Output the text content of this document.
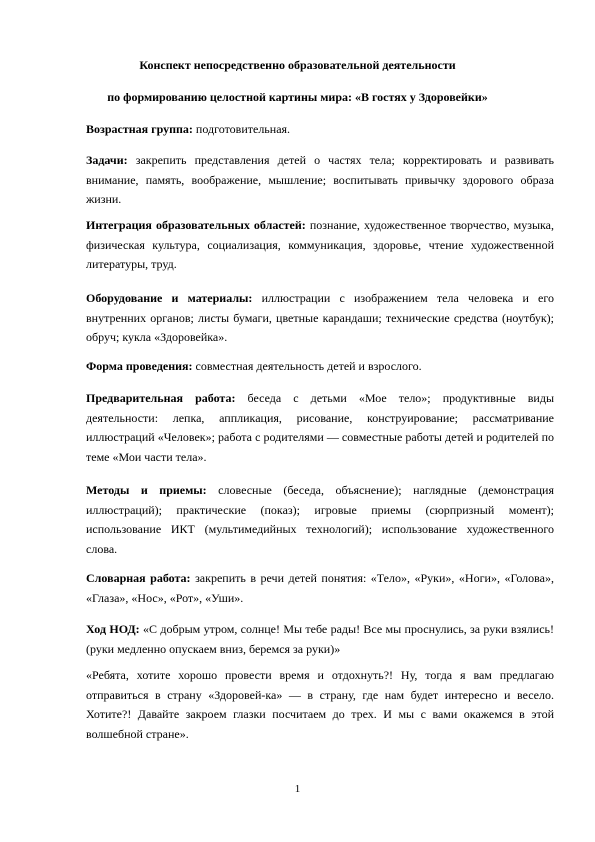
Конспект непосредственно образовательной деятельности
по формированию целостной картины мира: «В гостях у Здоровейки»
Возрастная группа: подготовительная.
Задачи: закрепить представления детей о частях тела; корректировать и развивать внимание, память, воображение, мышление; воспитывать привычку здорового образа жизни.
Интеграция образовательных областей: познание, художественное творчество, музыка, физическая культура, социализация, коммуникация, здоровье, чтение художественной литературы, труд.
Оборудование и материалы: иллюстрации с изображением тела человека и его внутренних органов; листы бумаги, цветные карандаши; технические средства (ноутбук); обруч; кукла «Здоровейка».
Форма проведения: совместная деятельность детей и взрослого.
Предварительная работа: беседа с детьми «Мое тело»; продуктивные виды деятельности: лепка, аппликация, рисование, конструирование; рассматривание иллюстраций «Человек»; работа с родителями — совместные работы детей и родителей по теме «Мои части тела».
Методы и приемы: словесные (беседа, объяснение); наглядные (демонстрация иллюстраций); практические (показ); игровые приемы (сюрпризный момент); использование ИКТ (мультимедийных технологий); использование художественного слова.
Словарная работа: закрепить в речи детей понятия: «Тело», «Руки», «Ноги», «Голова», «Глаза», «Нос», «Рот», «Уши».
Ход НОД: «С добрым утром, солнце! Мы тебе рады! Все мы проснулись, за руки взялись! (руки медленно опускаем вниз, беремся за руки)»
«Ребята, хотите хорошо провести время и отдохнуть?! Ну, тогда я вам предлагаю отправиться в страну «Здоровей-ка» — в страну, где нам будет интересно и весело. Хотите?! Давайте закроем глазки посчитаем до трех. И мы с вами окажемся в этой волшебной стране».
1
